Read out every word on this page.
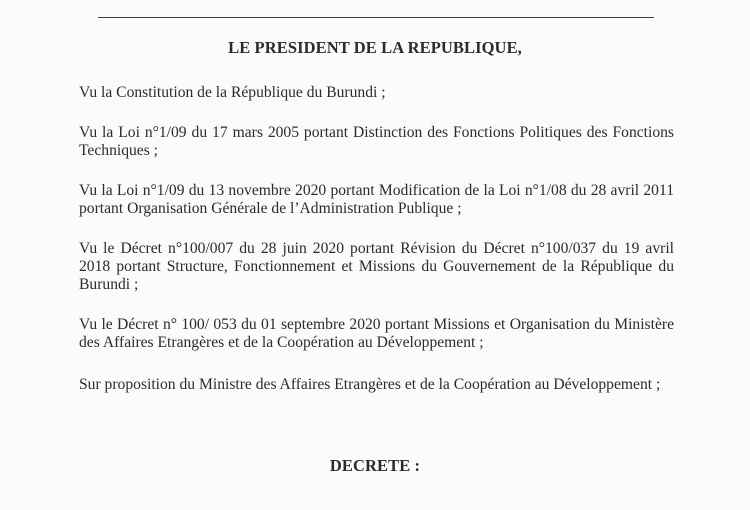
LE PRESIDENT DE LA REPUBLIQUE,
Vu la Constitution de la République du Burundi ;
Vu la Loi n°1/09 du 17 mars 2005 portant Distinction des Fonctions Politiques des Fonctions Techniques ;
Vu la Loi n°1/09 du 13 novembre 2020 portant Modification de la Loi n°1/08 du 28 avril 2011 portant Organisation Générale de l’Administration Publique ;
Vu le Décret n°100/007 du 28 juin 2020 portant Révision du Décret n°100/037 du 19 avril 2018 portant Structure, Fonctionnement et Missions du Gouvernement de la République du Burundi ;
Vu le Décret n° 100/ 053 du 01 septembre 2020 portant Missions et Organisation du Ministère des Affaires Etrangères et de la Coopération au Développement ;
Sur proposition du Ministre des Affaires Etrangères et de la Coopération au Développement ;
DECRETE :
